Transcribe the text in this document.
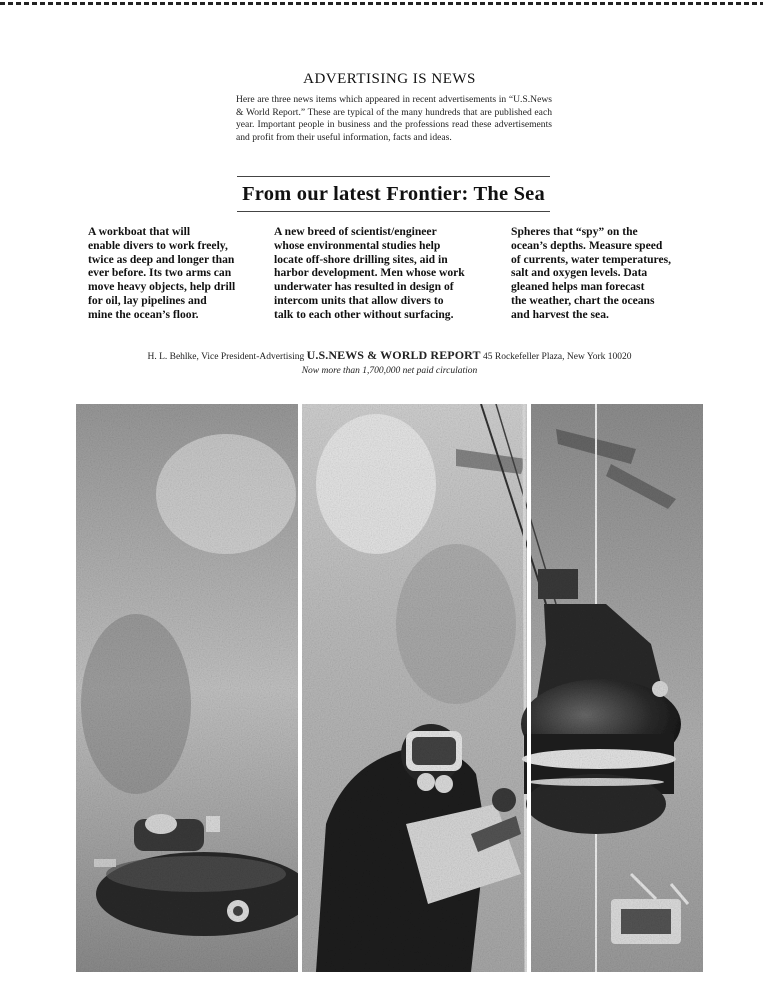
ADVERTISING IS NEWS
Here are three news items which appeared in recent advertisements in “U.S.News & World Report.” These are typical of the many hundreds that are published each year. Important people in business and the professions read these advertisements and profit from their useful information, facts and ideas.
From our latest Frontier: The Sea
A workboat that will
enable divers to work freely,
twice as deep and longer than
ever before. Its two arms can
move heavy objects, help drill
for oil, lay pipelines and
mine the ocean’s floor.
A new breed of scientist/engineer
whose environmental studies help
locate off-shore drilling sites, aid in
harbor development. Men whose work
underwater has resulted in design of
intercom units that allow divers to
talk to each other without surfacing.
Spheres that “spy” on the
ocean’s depths. Measure speed
of currents, water temperatures,
salt and oxygen levels. Data
gleaned helps man forecast
the weather, chart the oceans
and harvest the sea.
H. L. Behlke, Vice President-Advertising U.S.NEWS & WORLD REPORT 45 Rockefeller Plaza, New York 10020
Now more than 1,700,000 net paid circulation
